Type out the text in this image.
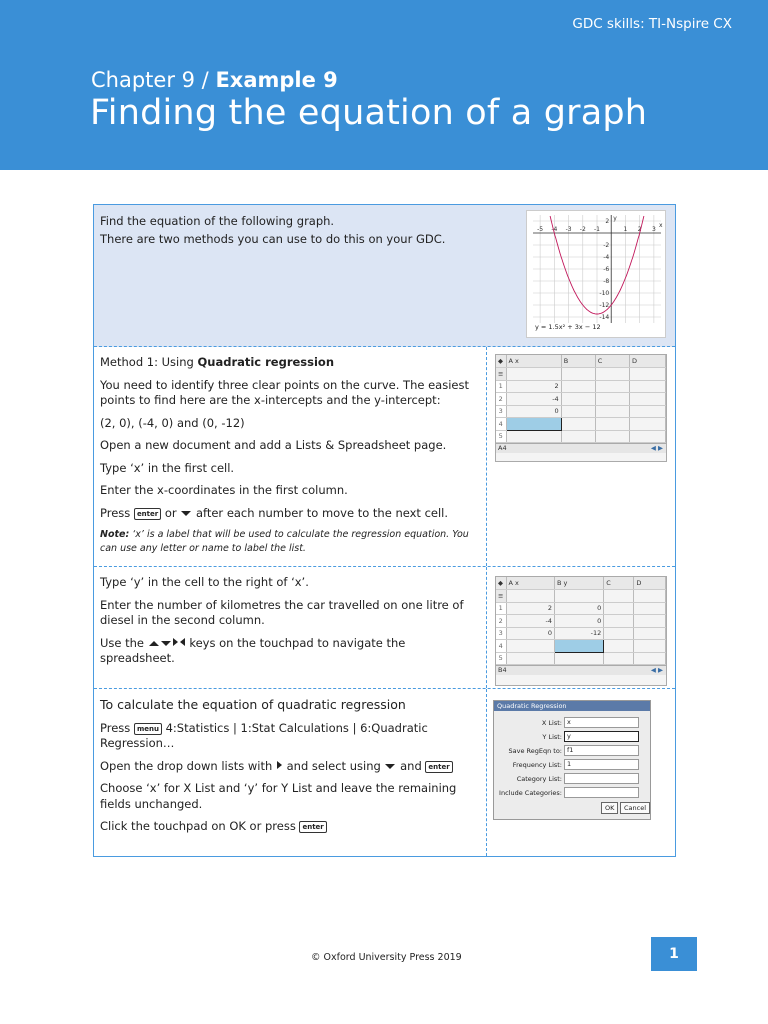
GDC skills: TI-Nspire CX
Chapter 9 / Example 9
Finding the equation of a graph

Find the equation of the following graph.

There are two methods you can use to do this on your GDC.

Method 1: Using Quadratic regression

You need to identify three clear points on the curve. The easiest points to find here are the x-intercepts and the y-intercept:

(2, 0), (-4, 0) and (0, -12)

Open a new document and add a Lists & Spreadsheet page.

Type ‘x’ in the first cell.

Enter the x-coordinates in the first column.

Press enter or after each number to move to the next cell.

Note: ‘x’ is a label that will be used to calculate the regression equation. You can use any letter or name to label the list.

Type ‘y’ in the cell to the right of ‘x’.

Enter the number of kilometres the car travelled on one litre of diesel in the second column.

Use the	keys on the touchpad to navigate the spreadsheet.

To calculate the equation of quadratic regression

Press menu 4:Statistics | 1:Stat Calculations | 6:Quadratic Regression…

Open the drop down lists with and select using and enter

Choose ‘x’ for X List and ‘y’ for Y List and leave the remaining fields unchanged.

Click the touchpad on OK or press enter

-5 -4 -3 -2 -1	1 2 3
2
-2
-4
-6
-8
-10
-12
-14
x
y
y = 1.5x² + 3x − 12
◆	A x	B	C	D
≡				
1	2			
2	-4			
3	0			
4				
5				
A4	◀ ▶
◆	A x	B y	C	D
≡				
1	2	0		
2	-4	0		
3	0	-12		
4				
5				
B4	◀ ▶
Quadratic Regression
X List: x
Y List: y
Save RegEqn to: f1
Frequency List: 1
Category List:
Include Categories:
OK	Cancel
© Oxford University Press 2019	1
